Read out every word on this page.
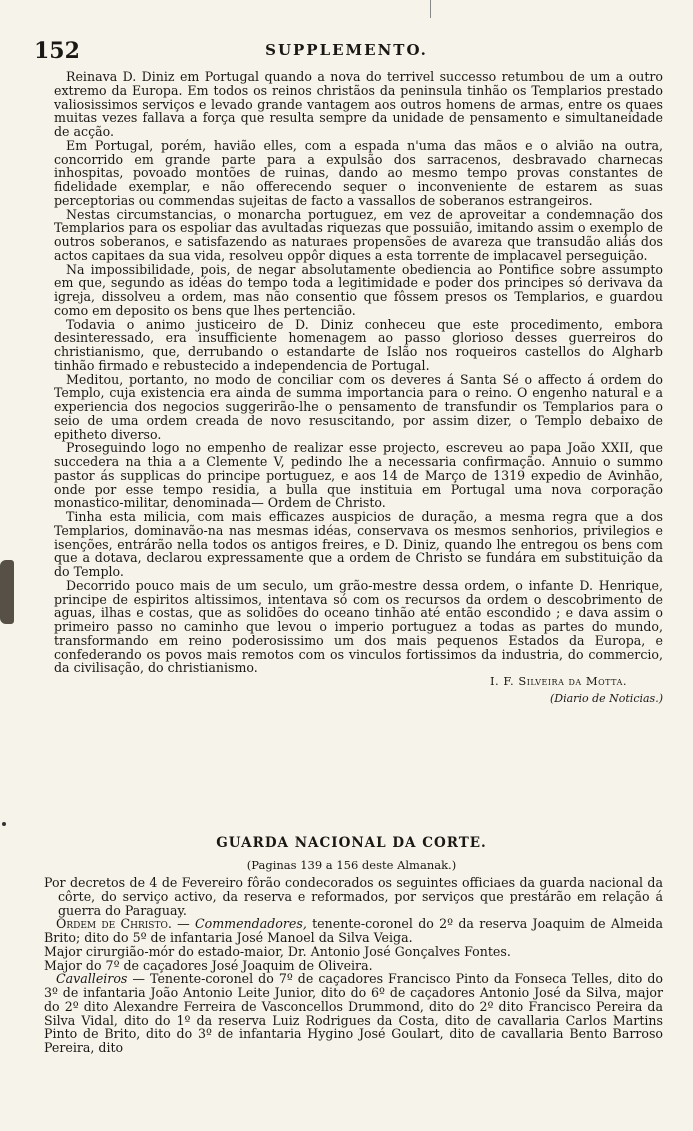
152	SUPPLEMENTO.

Reinava D. Diniz em Portugal quando a nova do terrivel successo retumbou de um a outro extremo da Europa. Em todos os reinos christãos da peninsula tinhão os Templarios prestado valiosissimos serviços e levado grande vantagem aos outros homens de armas, entre os quaes muitas vezes fallava a força que resulta sempre da unidade de pensamento e simultaneidade de acção.

Em Portugal, porém, havião elles, com a espada n'uma das mãos e o alvião na outra, concorrido em grande parte para a expulsão dos sarracenos, desbravado charnecas inhospitas, povoado montões de ruinas, dando ao mesmo tempo provas constantes de fidelidade exemplar, e não offerecendo sequer o inconveniente de estarem as suas perceptorias ou commendas sujeitas de facto a vassallos de soberanos estrangeiros.

Nestas circumstancias, o monarcha portuguez, em vez de aproveitar a condemnação dos Templarios para os espoliar das avultadas riquezas que possuião, imitando assim o exemplo de outros soberanos, e satisfazendo as naturaes propensões de avareza que transudão aliás dos actos capitaes da sua vida, resolveu oppôr diques a esta torrente de implacavel perseguição.

Na impossibilidade, pois, de negar absolutamente obediencia ao Pontifice sobre assumpto em que, segundo as idéas do tempo toda a legitimidade e poder dos principes só derivava da igreja, dissolveu a ordem, mas não consentio que fôssem presos os Templarios, e guardou como em deposito os bens que lhes pertencião.

Todavia o animo justiceiro de D. Diniz conheceu que este procedimento, embora desinteressado, era insufficiente homenagem ao passo glorioso desses guerreiros do christianismo, que, derrubando o estandarte de Islão nos roqueiros castellos do Algharb tinhão firmado e rebustecido a independencia de Portugal.

Meditou, portanto, no modo de conciliar com os deveres á Santa Sé o affecto á ordem do Templo, cuja existencia era ainda de summa importancia para o reino. O engenho natural e a experiencia dos negocios suggerirão-lhe o pensamento de transfundir os Templarios para o seio de uma ordem creada de novo resuscitando, por assim dizer, o Templo debaixo de epitheto diverso.

Proseguindo logo no empenho de realizar esse projecto, escreveu ao papa João XXII, que succedera na thia a a Clemente V, pedindo lhe a necessaria confirmação. Annuio o summo pastor ás supplicas do principe portuguez, e aos 14 de Março de 1319 expedio de Avinhão, onde por esse tempo residia, a bulla que instituia em Portugal uma nova corporação monastico-militar, denominada— Ordem de Christo.

Tinha esta milicia, com mais efficazes auspicios de duração, a mesma regra que a dos Templarios, dominavão-na nas mesmas idéas, conservava os mesmos senhorios, privilegios e isenções, entrárão nella todos os antigos freires, e D. Diniz, quando lhe entregou os bens com que a dotava, declarou expressamente que a ordem de Christo se fundára em substituição da do Templo.

Decorrido pouco mais de um seculo, um grão-mestre dessa ordem, o infante D. Henrique, principe de espiritos altissimos, intentava só com os recursos da ordem o descobrimento de aguas, ilhas e costas, que as solidões do oceano tinhão até então escondido ; e dava assim o primeiro passo no caminho que levou o imperio portuguez a todas as partes do mundo, transformando em reino poderosissimo um dos mais pequenos Estados da Europa, e confederando os povos mais remotos com os vinculos fortissimos da industria, do commercio, da civilisação, do christianismo.

I. F. Silveira da Motta.
(Diario de Noticias.)
GUARDA NACIONAL DA CORTE.
(Paginas 139 a 156 deste Almanak.)

Por decretos de 4 de Fevereiro fôrão condecorados os seguintes officiaes da guarda nacional da côrte, do serviço activo, da reserva e reformados, por serviços que prestárão em relação á guerra do Paraguay.

Ordem de Christo. — Commendadores, tenente-coronel do 2º da reserva Joaquim de Almeida Brito; dito do 5º de infantaria José Manoel da Silva Veiga.

Major cirurgião-mór do estado-maior, Dr. Antonio José Gonçalves Fontes.

Major do 7º de caçadores José Joaquim de Oliveira.

Cavalleiros — Tenente-coronel do 7º de caçadores Francisco Pinto da Fonseca Telles, dito do 3º de infantaria João Antonio Leite Junior, dito do 6º de caçadores Antonio José da Silva, major do 2º dito Alexandre Ferreira de Vasconcellos Drummond, dito do 2º dito Francisco Pereira da Silva Vidal, dito do 1º da reserva Luiz Rodrigues da Costa, dito de cavallaria Carlos Martins Pinto de Brito, dito do 3º de infantaria Hygino José Goulart, dito de cavallaria Bento Barroso Pereira, dito
